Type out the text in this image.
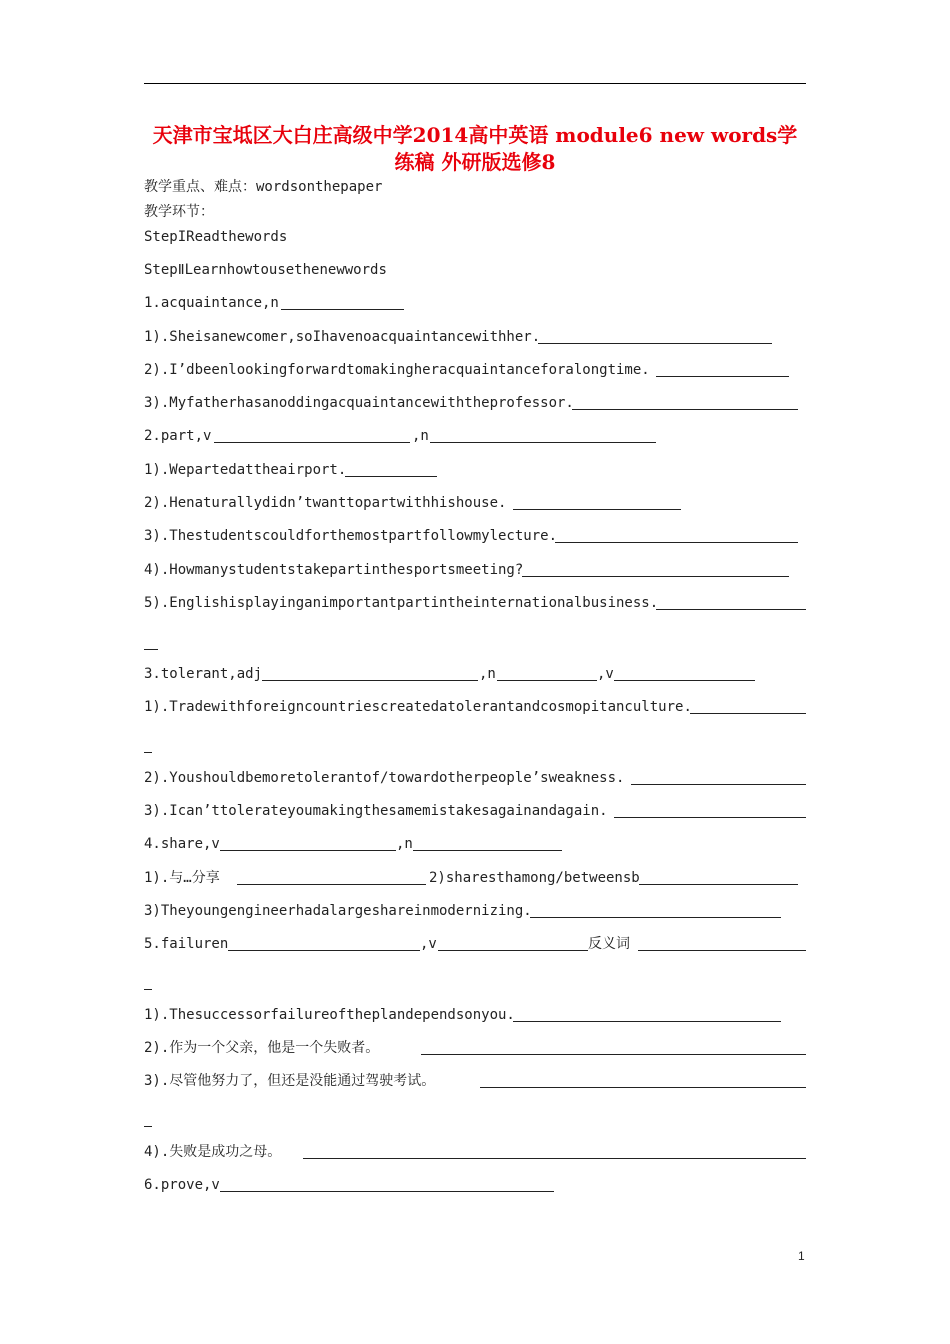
天津市宝坻区大白庄高级中学2014高中英语 module6 new words学练稿 外研版选修8
教学重点、难点：wordsonthepaper
教学环节：
StepIReadthewords
StepⅡLearnhowtousethenewwords
1.acquaintance,n
1).Sheisanewcomer,soIhavenoacquaintancewithher.
2).I’dbeenlookingforwardtomakingheracquaintanceforalongtime.
3).Myfatherhasanoddingacquaintancewiththeprofessor.
2.part,v	,n
1).Wepartedattheairport.
2).Henaturallydidn’twanttopartwithhishouse.
3).Thestudentscouldforthemostpartfollowmylecture.
4).Howmanystudentstakepartinthesportsmeeting?
5).Englishisplayinganimportantpartintheinternationalbusiness.
3.tolerant,adj	,n	,v
1).Tradewithforeigncountriescreatedatolerantandcosmopitanculture.
2).Youshouldbemoretolerantof/towardotherpeople’sweakness.
3).Ican’ttolerateyoumakingthesamemistakesagainandagain.
4.share,v	,n
1).与…分享	2)sharesthamong/betweensb
3)Theyoungengineerhadalargeshareinmodernizing.
5.failuren	,v	反义词
1).Thesuccessorfailureoftheplandependsonyou.
2).作为一个父亲，他是一个失败者。
3).尽管他努力了，但还是没能通过驾驶考试。
4).失败是成功之母。
6.prove,v
1
